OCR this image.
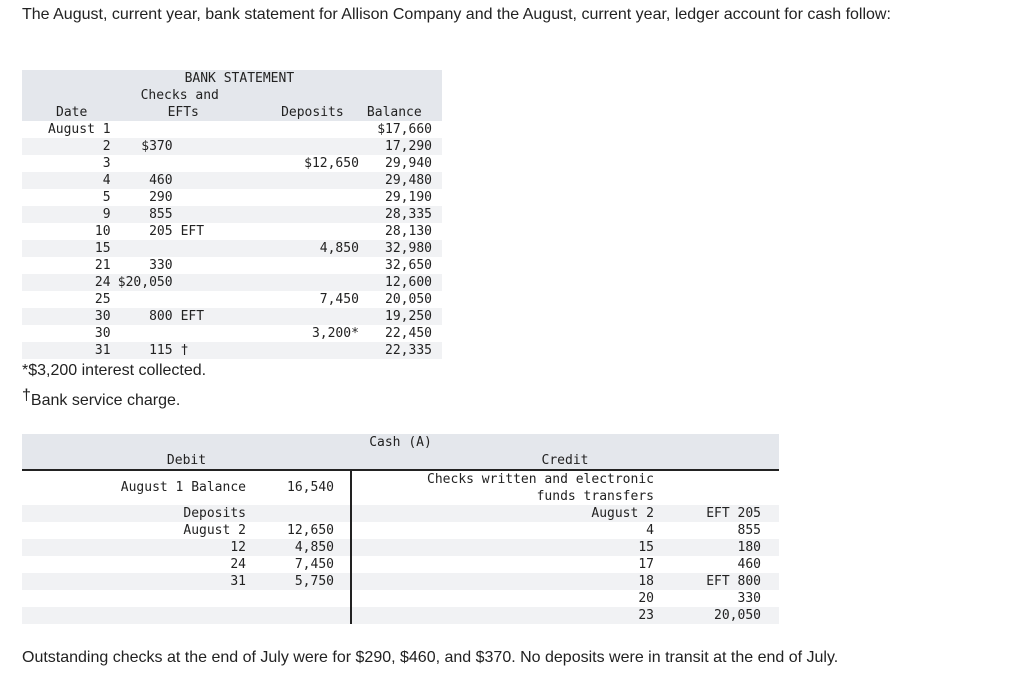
The August, current year, bank statement for Allison Company and the August, current year, ledger account for cash follow:

	BANK STATEMENT		
	Checks and		
Date	EFTs	Deposits	Balance
August 1			$17,660
2	$370		17,290
3		$12,650	29,940
4	460		29,480
5	290		29,190
9	855		28,335
10	205 EFT		28,130
15		4,850	32,980
21	330		32,650
24	$20,050		12,600
25		7,450	20,050
30	800 EFT		19,250
30		3,200*	22,450
31	115 †		22,335

*$3,200 interest collected.

†Bank service charge.

Cash (A)
Debit	Credit
August 1 Balance	16,540
Deposits
August 2	12,650
12	4,850
24	7,450
31	5,750
Checks written and electronic
funds transfers
August 2	EFT 205
4	855
15	180
17	460
18	EFT 800
20	330
23	20,050

Outstanding checks at the end of July were for $290, $460, and $370. No deposits were in transit at the end of July.
